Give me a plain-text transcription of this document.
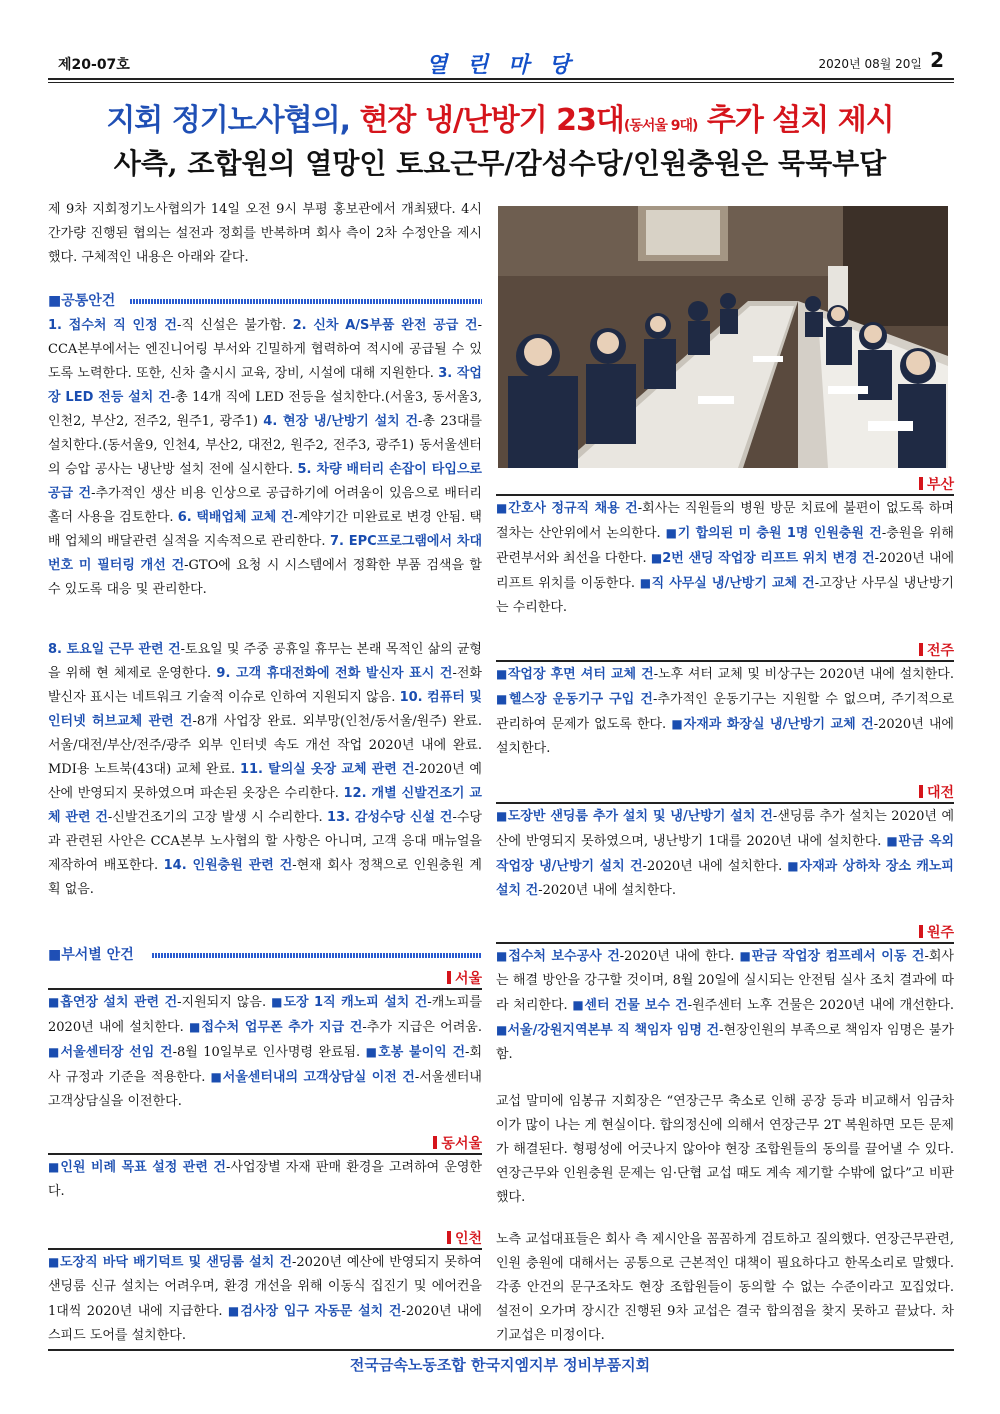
제20-07호	열 린 마 당	2020년 08월 20일 2
지회 정기노사협의, 현장 냉/난방기 23대(동서울 9대) 추가 설치 제시
사측, 조합원의 열망인 토요근무/감성수당/인원충원은 묵묵부답

제 9차 지회정기노사협의가 14일 오전 9시 부평 홍보관에서 개최됐다. 4시간가량 진행된 협의는 설전과 정회를 반복하며 회사 측이 2차 수정안을 제시했다. 구체적인 내용은 아래와 같다.

■공통안건

1. 접수처 직 인정 건-직 신설은 불가함. 2. 신차 A/S부품 완전 공급 건-CCA본부에서는 엔진니어링 부서와 긴밀하게 협력하여 적시에 공급될 수 있도록 노력한다. 또한, 신차 출시시 교육, 장비, 시설에 대해 지원한다. 3. 작업장 LED 전등 설치 건-총 14개 직에 LED 전등을 설치한다.(서울3, 동서울3, 인천2, 부산2, 전주2, 원주1, 광주1) 4. 현장 냉/난방기 설치 건-총 23대를 설치한다.(동서울9, 인천4, 부산2, 대전2, 원주2, 전주3, 광주1) 동서울센터의 승압 공사는 냉난방 설치 전에 실시한다. 5. 차량 배터리 손잡이 타입으로 공급 건-추가적인 생산 비용 인상으로 공급하기에 어려움이 있음으로 배터리 홀더 사용을 검토한다. 6. 택배업체 교체 건-계약기간 미완료로 변경 안됨. 택배 업체의 배달관련 실적을 지속적으로 관리한다. 7. EPC프로그램에서 차대번호 미 필터링 개선 건-GTO에 요청 시 시스템에서 정확한 부품 검색을 할 수 있도록 대응 및 관리한다.

8. 토요일 근무 관련 건-토요일 및 주중 공휴일 휴무는 본래 목적인 삶의 균형을 위해 현 체제로 운영한다. 9. 고객 휴대전화에 전화 발신자 표시 건-전화 발신자 표시는 네트워크 기술적 이슈로 인하여 지원되지 않음. 10. 컴퓨터 및 인터넷 허브교체 관련 건-8개 사업장 완료. 외부망(인천/동서울/원주) 완료. 서울/대전/부산/전주/광주 외부 인터넷 속도 개선 작업 2020년 내에 완료. MDI용 노트북(43대) 교체 완료. 11. 탈의실 옷장 교체 관련 건-2020년 예산에 반영되지 못하였으며 파손된 옷장은 수리한다. 12. 개별 신발건조기 교체 관련 건-신발건조기의 고장 발생 시 수리한다. 13. 감성수당 신설 건-수당과 관련된 사안은 CCA본부 노사협의 할 사항은 아니며, 고객 응대 매뉴얼을 제작하여 배포한다. 14. 인원충원 관련 건-현재 회사 정책으로 인원충원 계획 없음.

■부서별 안건
서울

■흡연장 설치 관련 건-지원되지 않음. ■도장 1직 캐노피 설치 건-캐노피를 2020년 내에 설치한다. ■접수처 업무폰 추가 지급 건-추가 지급은 어려움. ■서울센터장 선임 건-8월 10일부로 인사명령 완료됨. ■호봉 불이익 건-회사 규정과 기준을 적용한다. ■서울센터내의 고객상담실 이전 건-서울센터내 고객상담실을 이전한다.

동서울

■인원 비례 목표 설정 관련 건-사업장별 자재 판매 환경을 고려하여 운영한다.

인천

■도장직 바닥 배기덕트 및 샌딩룸 설치 건-2020년 예산에 반영되지 못하여 샌딩룸 신규 설치는 어려우며, 환경 개선을 위해 이동식 집진기 및 에어컨을 1대씩 2020년 내에 지급한다. ■검사장 입구 자동문 설치 건-2020년 내에 스피드 도어를 설치한다.

부산

■간호사 정규직 채용 건-회사는 직원들의 병원 방문 치료에 불편이 없도록 하며 절차는 산안위에서 논의한다. ■기 합의된 미 충원 1명 인원충원 건-충원을 위해 관련부서와 최선을 다한다. ■2번 샌딩 작업장 리프트 위치 변경 건-2020년 내에 리프트 위치를 이동한다. ■직 사무실 냉/난방기 교체 건-고장난 사무실 냉난방기는 수리한다.

전주

■작업장 후면 셔터 교체 건-노후 셔터 교체 및 비상구는 2020년 내에 설치한다. ■헬스장 운동기구 구입 건-추가적인 운동기구는 지원할 수 없으며, 주기적으로 관리하여 문제가 없도록 한다. ■자재과 화장실 냉/난방기 교체 건-2020년 내에 설치한다.

대전

■도장반 샌딩룸 추가 설치 및 냉/난방기 설치 건-샌딩룸 추가 설치는 2020년 예산에 반영되지 못하였으며, 냉난방기 1대를 2020년 내에 설치한다. ■판금 옥외작업장 냉/난방기 설치 건-2020년 내에 설치한다. ■자재과 상하차 장소 캐노피 설치 건-2020년 내에 설치한다.

원주

■접수처 보수공사 건-2020년 내에 한다. ■판금 작업장 컴프레서 이동 건-회사는 해결 방안을 강구할 것이며, 8월 20일에 실시되는 안전팀 실사 조치 결과에 따라 처리한다. ■센터 건물 보수 건-원주센터 노후 건물은 2020년 내에 개선한다. ■서울/강원지역본부 직 책임자 임명 건-현장인원의 부족으로 책임자 임명은 불가함.

교섭 말미에 임봉규 지회장은 “연장근무 축소로 인해 공장 등과 비교해서 임금차이가 많이 나는 게 현실이다. 합의정신에 의해서 연장근무 2T 복원하면 모든 문제가 해결된다. 형평성에 어긋나지 않아야 현장 조합원들의 동의를 끌어낼 수 있다. 연장근무와 인원충원 문제는 임·단협 교섭 때도 계속 제기할 수밖에 없다”고 비판했다.

노측 교섭대표들은 회사 측 제시안을 꼼꼼하게 검토하고 질의했다. 연장근무관련, 인원 충원에 대해서는 공통으로 근본적인 대책이 필요하다고 한목소리로 말했다. 각종 안건의 문구조차도 현장 조합원들이 동의할 수 없는 수준이라고 꼬집었다. 설전이 오가며 장시간 진행된 9차 교섭은 결국 합의점을 찾지 못하고 끝났다. 차기교섭은 미정이다.

전국금속노동조합 한국지엠지부 정비부품지회
